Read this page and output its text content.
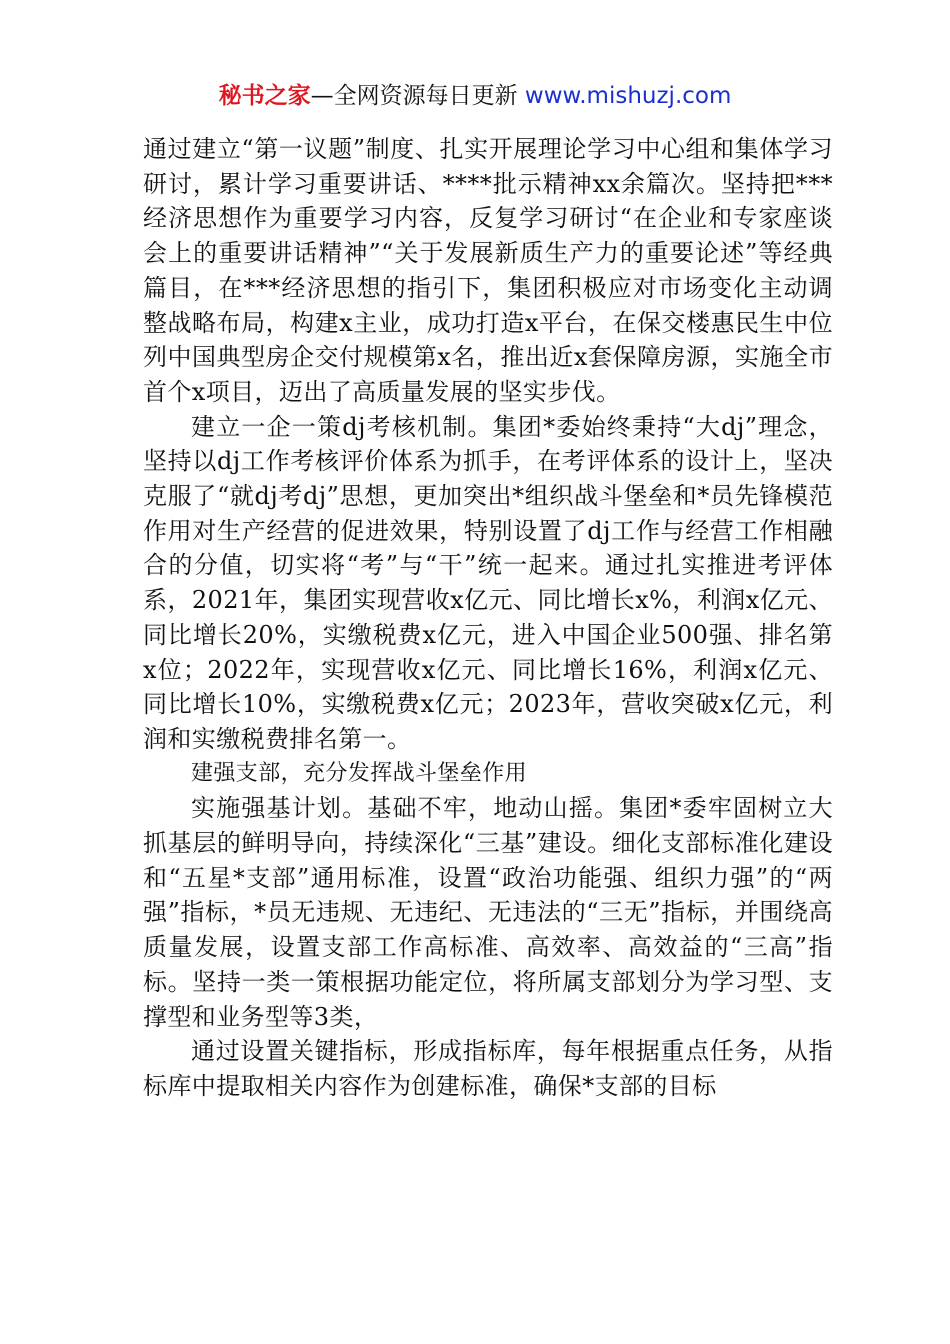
秘书之家—全网资源每日更新 www.mishuzj.com

通过建立“第一议题”制度、扎实开展理论学习中心组和集体学习研讨，累计学习重要讲话、****批示精神xx余篇次。坚持把***经济思想作为重要学习内容，反复学习研讨“在企业和专家座谈会上的重要讲话精神”“关于发展新质生产力的重要论述”等经典篇目，在***经济思想的指引下，集团积极应对市场变化主动调整战略布局，构建x主业，成功打造x平台，在保交楼惠民生中位列中国典型房企交付规模第x名，推出近x套保障房源，实施全市首个x项目，迈出了高质量发展的坚实步伐。

建立一企一策dj考核机制。集团*委始终秉持“大dj”理念，坚持以dj工作考核评价体系为抓手，在考评体系的设计上，坚决克服了“就dj考dj”思想，更加突出*组织战斗堡垒和*员先锋模范作用对生产经营的促进效果，特别设置了dj工作与经营工作相融合的分值，切实将“考”与“干”统一起来。通过扎实推进考评体系，2021年，集团实现营收x亿元、同比增长x%，利润x亿元、同比增长20%，实缴税费x亿元，进入中国企业500强、排名第x位；2022年，实现营收x亿元、同比增长16%，利润x亿元、同比增长10%，实缴税费x亿元；2023年，营收突破x亿元，利润和实缴税费排名第一。

建强支部，充分发挥战斗堡垒作用

实施强基计划。基础不牢，地动山摇。集团*委牢固树立大抓基层的鲜明导向，持续深化“三基”建设。细化支部标准化建设和“五星*支部”通用标准，设置“政治功能强、组织力强”的“两强”指标，*员无违规、无违纪、无违法的“三无”指标，并围绕高质量发展，设置支部工作高标准、高效率、高效益的“三高”指标。坚持一类一策根据功能定位，将所属支部划分为学习型、支撑型和业务型等3类，

通过设置关键指标，形成指标库，每年根据重点任务，从指标库中提取相关内容作为创建标准，确保*支部的目标
